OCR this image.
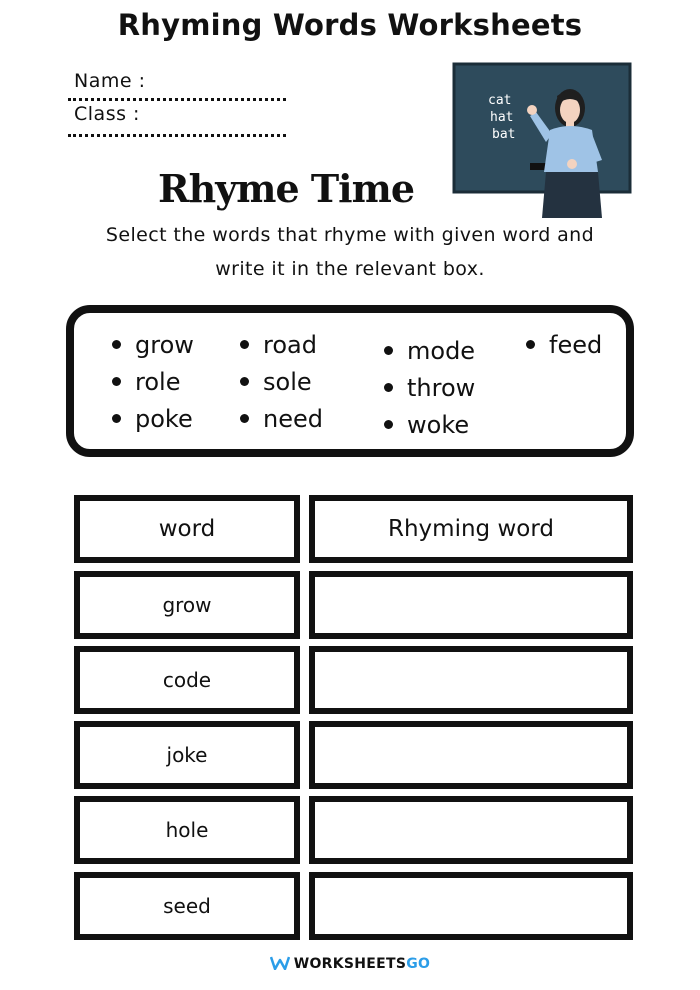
Rhyming Words Worksheets
Name :
Class :
cat
hat
bat
Rhyme Time
Select the words that rhyme with given word and
write it in the relevant box.
grow
role
poke
road
sole
need
mode
throw
woke
feed
word	Rhyming word
grow
code
joke
hole
seed
WORKSHEETSGO
